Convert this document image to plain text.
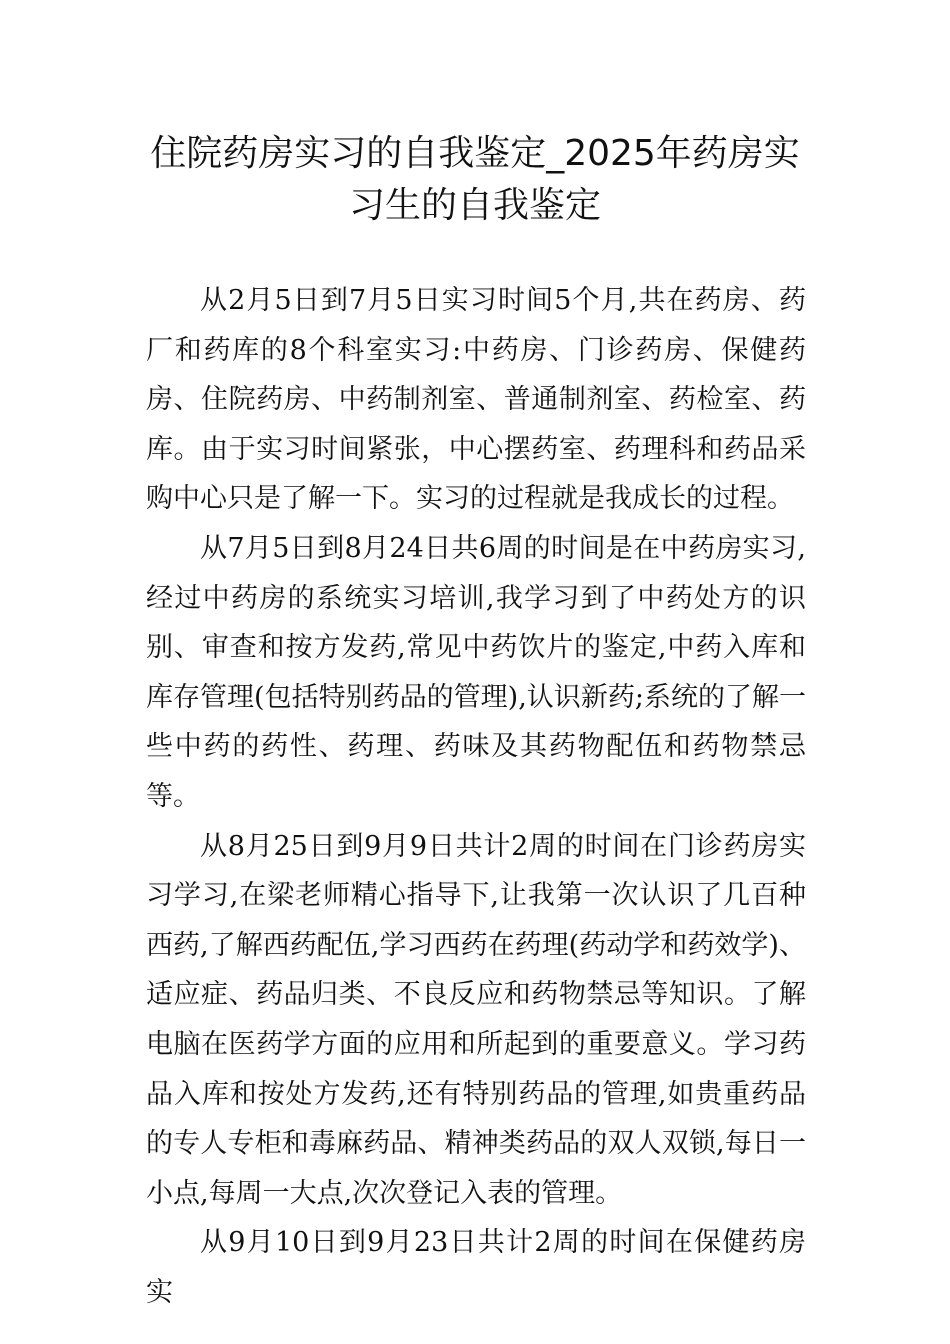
住院药房实习的自我鉴定_2025年药房实习生的自我鉴定

从2月5日到7月5日实习时间5个月,共在药房、药厂和药库的8个科室实习:中药房、门诊药房、保健药房、住院药房、中药制剂室、普通制剂室、药检室、药库。由于实习时间紧张，中心摆药室、药理科和药品采购中心只是了解一下。实习的过程就是我成长的过程。

从7月5日到8月24日共6周的时间是在中药房实习,经过中药房的系统实习培训,我学习到了中药处方的识别、审查和按方发药,常见中药饮片的鉴定,中药入库和库存管理(包括特别药品的管理),认识新药;系统的了解一些中药的药性、药理、药味及其药物配伍和药物禁忌等。

从8月25日到9月9日共计2周的时间在门诊药房实习学习,在梁老师精心指导下,让我第一次认识了几百种西药,了解西药配伍,学习西药在药理(药动学和药效学)、适应症、药品归类、不良反应和药物禁忌等知识。了解电脑在医药学方面的应用和所起到的重要意义。学习药品入库和按处方发药,还有特别药品的管理,如贵重药品的专人专柜和毒麻药品、精神类药品的双人双锁,每日一小点,每周一大点,次次登记入表的管理。

从9月10日到9月23日共计2周的时间在保健药房实
